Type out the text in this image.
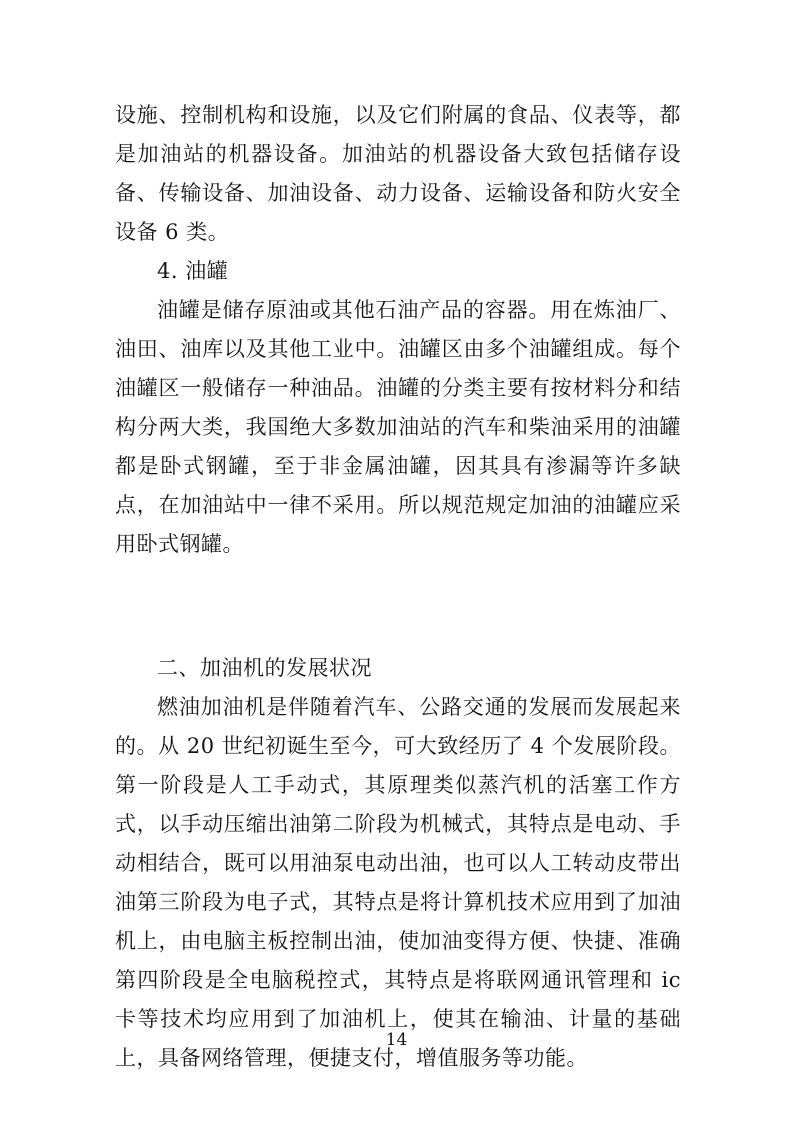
设施、控制机构和设施，以及它们附属的食品、仪表等，都是加油站的机器设备。加油站的机器设备大致包括储存设备、传输设备、加油设备、动力设备、运输设备和防火安全设备 6 类。

4. 油罐

油罐是储存原油或其他石油产品的容器。用在炼油厂、油田、油库以及其他工业中。油罐区由多个油罐组成。每个油罐区一般储存一种油品。油罐的分类主要有按材料分和结构分两大类，我国绝大多数加油站的汽车和柴油采用的油罐都是卧式钢罐，至于非金属油罐，因其具有渗漏等许多缺点，在加油站中一律不采用。所以规范规定加油的油罐应采用卧式钢罐。

二、加油机的发展状况

燃油加油机是伴随着汽车、公路交通的发展而发展起来的。从 20 世纪初诞生至今，可大致经历了 4 个发展阶段。第一阶段是人工手动式，其原理类似蒸汽机的活塞工作方式，以手动压缩出油第二阶段为机械式，其特点是电动、手动相结合，既可以用油泵电动出油，也可以人工转动皮带出油第三阶段为电子式，其特点是将计算机技术应用到了加油机上，由电脑主板控制出油，使加油变得方便、快捷、准确第四阶段是全电脑税控式，其特点是将联网通讯管理和 ic 卡等技术均应用到了加油机上，使其在输油、计量的基础上，具备网络管理，便捷支付，增值服务等功能。

14
